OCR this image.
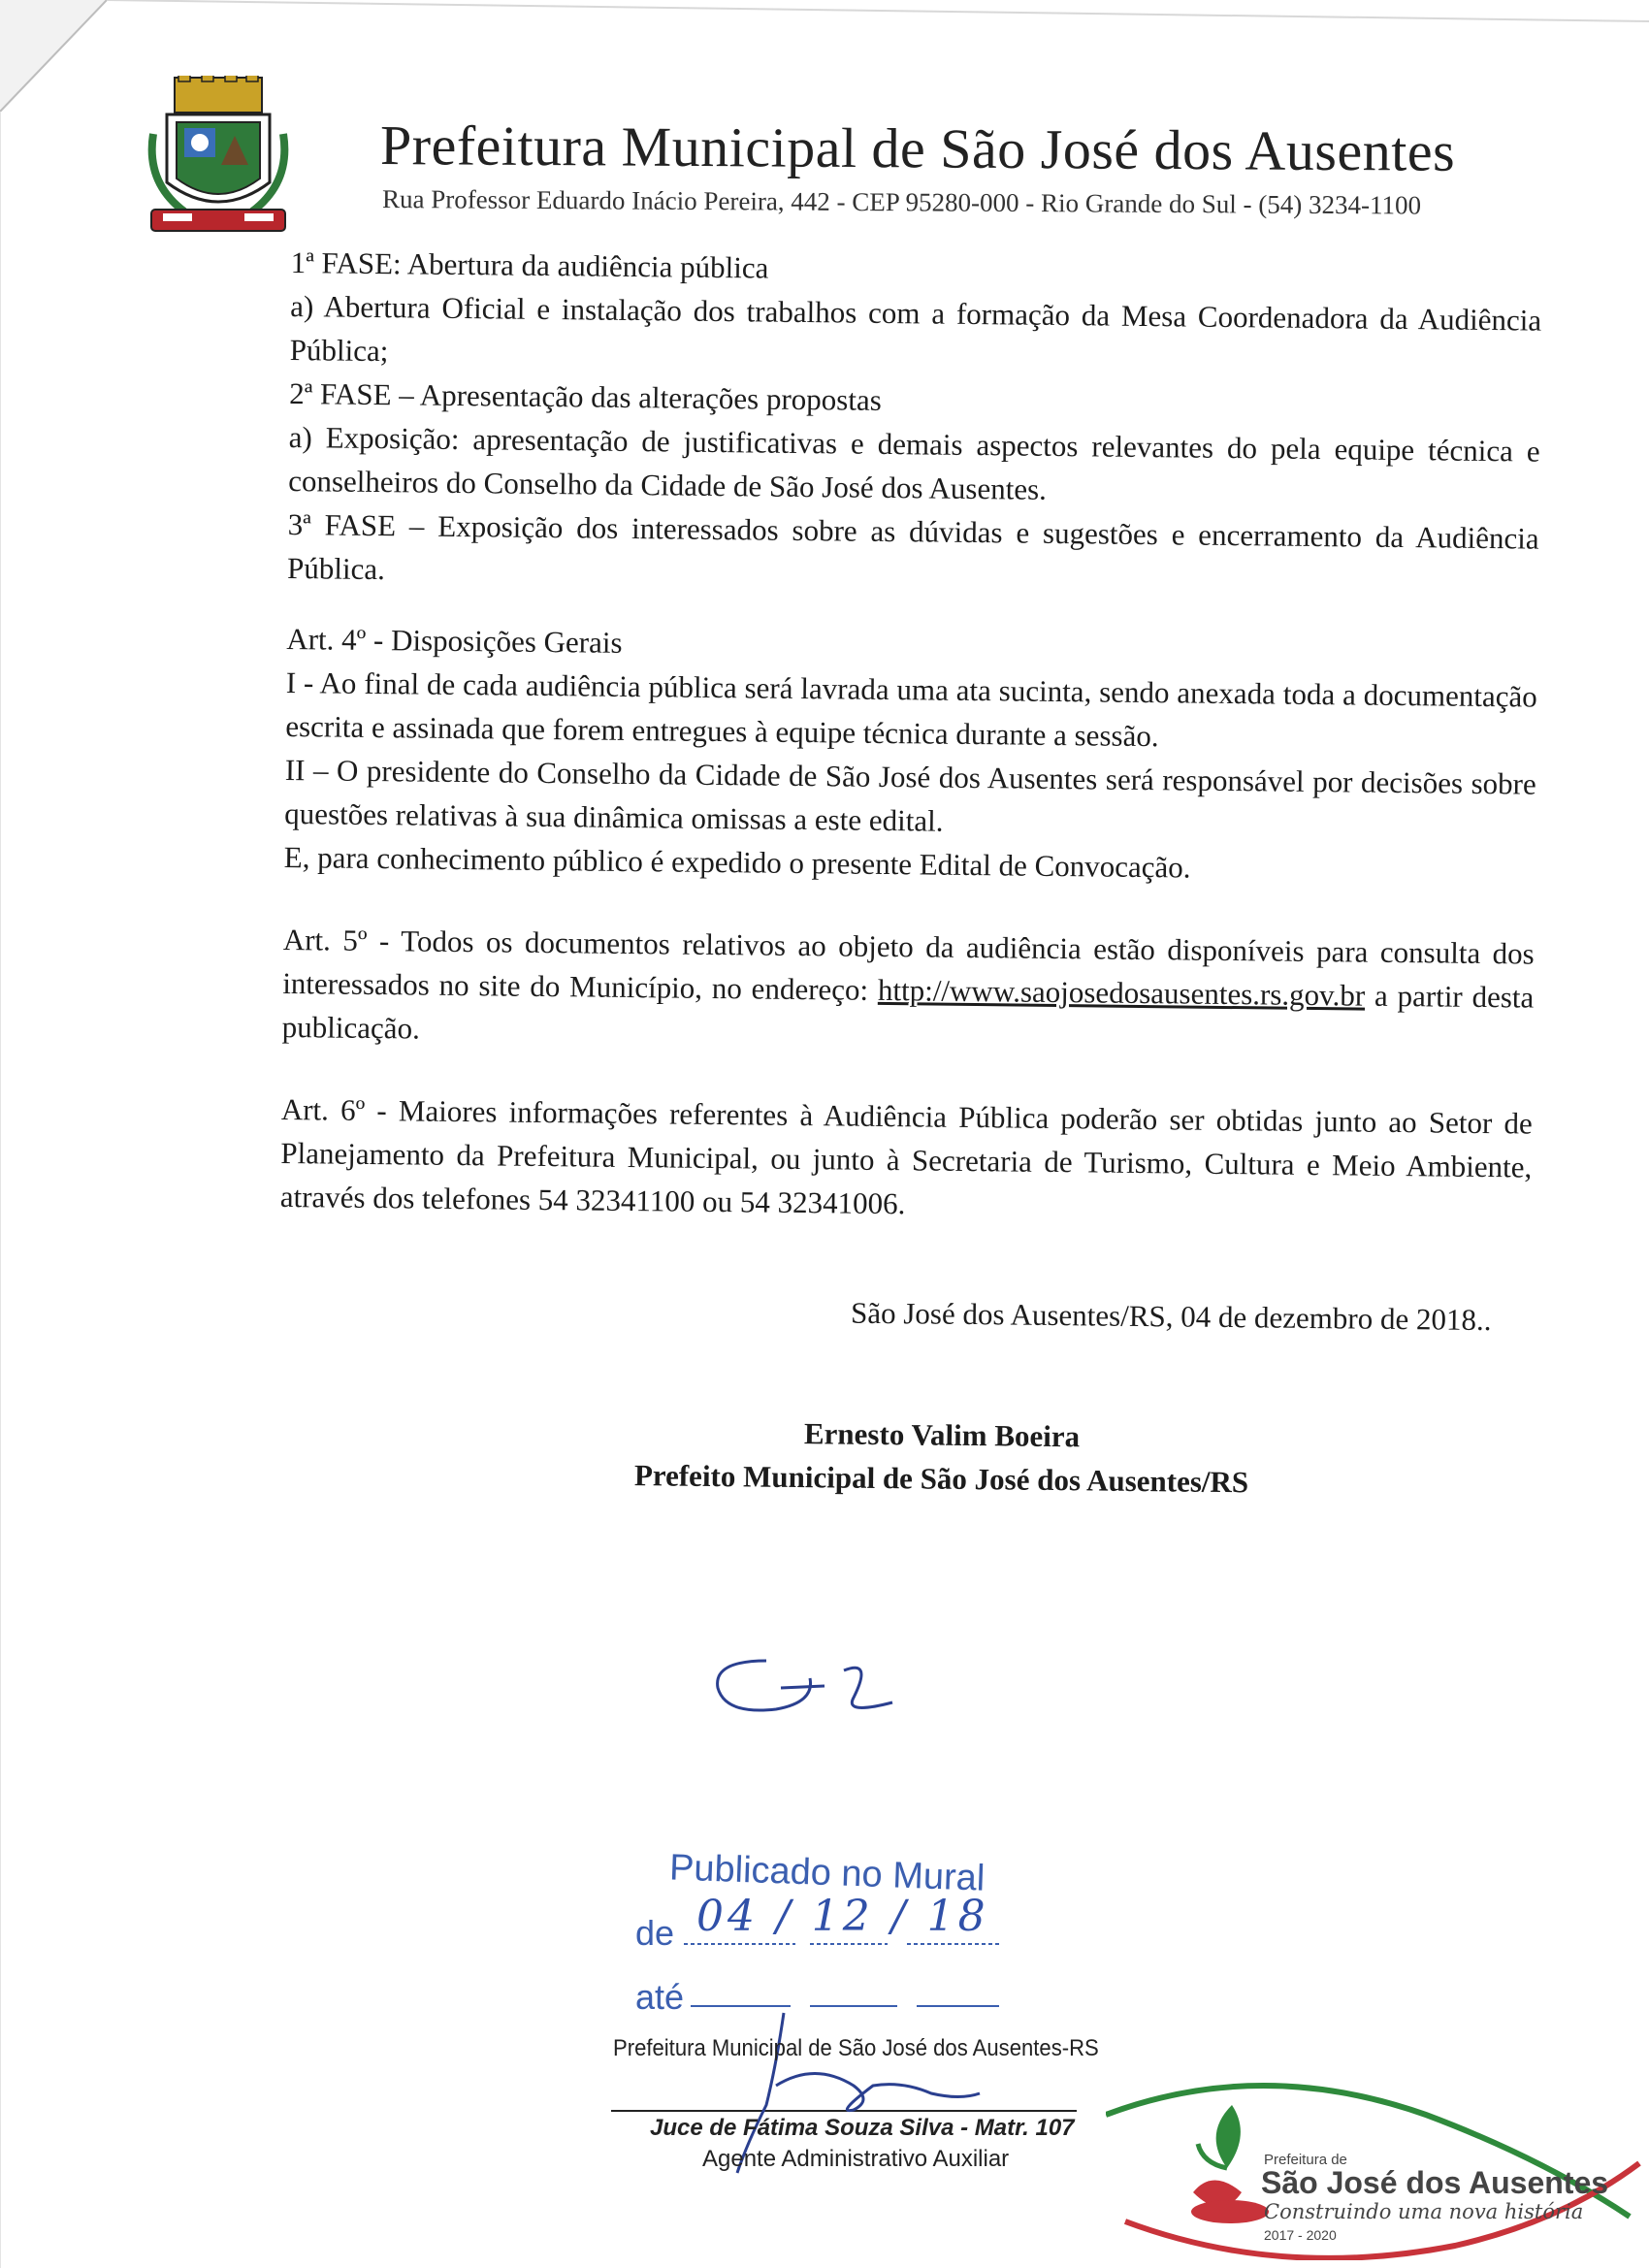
Prefeitura Municipal de São José dos Ausentes
Rua Professor Eduardo Inácio Pereira, 442 - CEP 95280-000 - Rio Grande do Sul - (54) 3234-1100

1ª FASE: Abertura da audiência pública

a) Abertura Oficial e instalação dos trabalhos com a formação da Mesa Coordenadora da Audiência Pública;

2ª FASE – Apresentação das alterações propostas

a) Exposição: apresentação de justificativas e demais aspectos relevantes do pela equipe técnica e conselheiros do Conselho da Cidade de São José dos Ausentes.

3ª FASE – Exposição dos interessados sobre as dúvidas e sugestões e encerramento da Audiência Pública.

Art. 4º - Disposições Gerais

I - Ao final de cada audiência pública será lavrada uma ata sucinta, sendo anexada toda a documentação escrita e assinada que forem entregues à equipe técnica durante a sessão.

II – O presidente do Conselho da Cidade de São José dos Ausentes será responsável por decisões sobre questões relativas à sua dinâmica omissas a este edital.

E, para conhecimento público é expedido o presente Edital de Convocação.

Art. 5º - Todos os documentos relativos ao objeto da audiência estão disponíveis para consulta dos interessados no site do Município, no endereço: http://www.saojosedosausentes.rs.gov.br a partir desta publicação.

Art. 6º - Maiores informações referentes à Audiência Pública poderão ser obtidas junto ao Setor de Planejamento da Prefeitura Municipal, ou junto à Secretaria de Turismo, Cultura e Meio Ambiente, através dos telefones 54 32341100 ou 54 32341006.

São José dos Ausentes/RS, 04 de dezembro de 2018..

Ernesto Valim Boeira

Prefeito Municipal de São José dos Ausentes/RS

Publicado no Mural
de 04 / 12 / 18
até
Prefeitura Municipal de São José dos Ausentes-RS
Juce de Fátima Souza Silva - Matr. 107
Agente Administrativo Auxiliar	Prefeitura de
São José dos Ausentes
Construindo uma nova história
2017 - 2020
